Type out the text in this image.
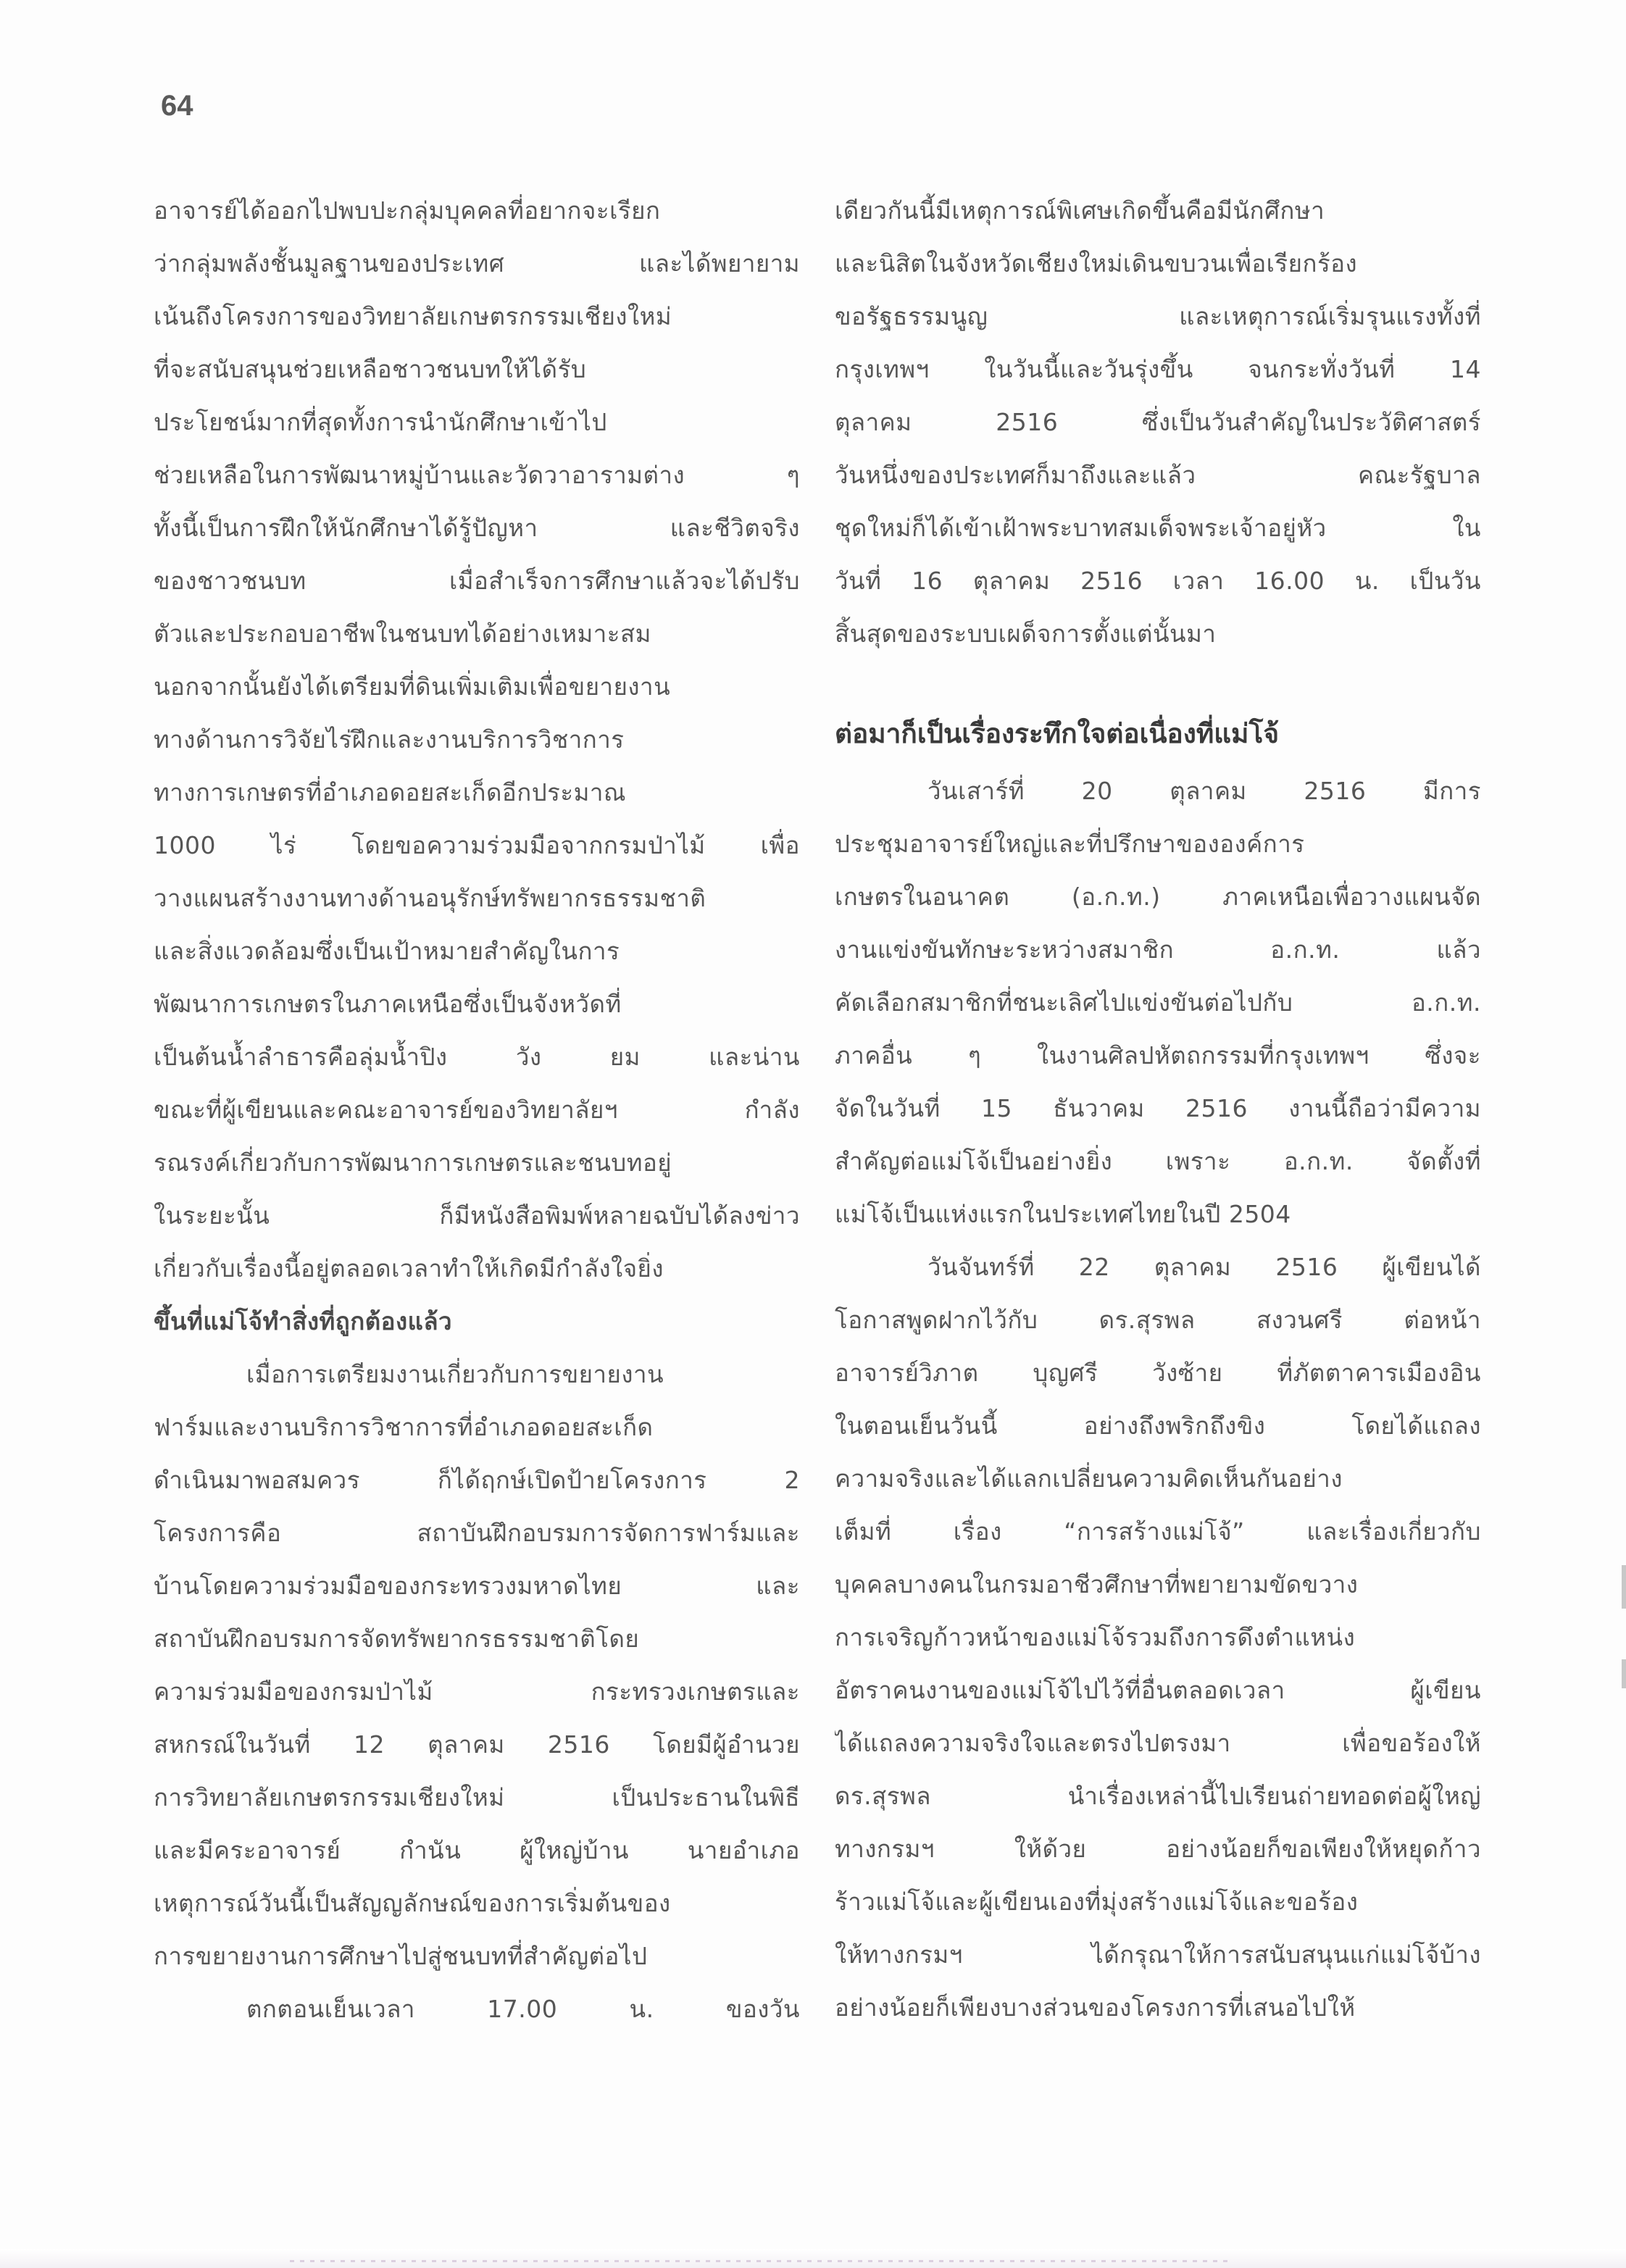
64
อาจารย์ได้ออกไปพบปะกลุ่มบุคคลที่อยากจะเรียก
ว่ากลุ่มพลังชั้นมูลฐานของประเทศ และได้พยายาม
เน้นถึงโครงการของวิทยาลัยเกษตรกรรมเชียงใหม่
ที่จะสนับสนุนช่วยเหลือชาวชนบทให้ได้รับ
ประโยชน์มากที่สุดทั้งการนำนักศึกษาเข้าไป
ช่วยเหลือในการพัฒนาหมู่บ้านและวัดวาอารามต่าง ๆ
ทั้งนี้เป็นการฝึกให้นักศึกษาได้รู้ปัญหา และชีวิตจริง
ของชาวชนบท เมื่อสำเร็จการศึกษาแล้วจะได้ปรับ
ตัวและประกอบอาชีพในชนบทได้อย่างเหมาะสม
นอกจากนั้นยังได้เตรียมที่ดินเพิ่มเติมเพื่อขยายงาน
ทางด้านการวิจัยไร่ฝึกและงานบริการวิชาการ
ทางการเกษตรที่อำเภอดอยสะเก็ดอีกประมาณ
1000 ไร่ โดยขอความร่วมมือจากกรมป่าไม้ เพื่อ
วางแผนสร้างงานทางด้านอนุรักษ์ทรัพยากรธรรมชาติ
และสิ่งแวดล้อมซึ่งเป็นเป้าหมายสำคัญในการ
พัฒนาการเกษตรในภาคเหนือซึ่งเป็นจังหวัดที่
เป็นต้นน้ำลำธารคือลุ่มน้ำปิง วัง ยม และน่าน
ขณะที่ผู้เขียนและคณะอาจารย์ของวิทยาลัยฯ กำลัง
รณรงค์เกี่ยวกับการพัฒนาการเกษตรและชนบทอยู่
ในระยะนั้น ก็มีหนังสือพิมพ์หลายฉบับได้ลงข่าว
เกี่ยวกับเรื่องนี้อยู่ตลอดเวลาทำให้เกิดมีกำลังใจยิ่ง
ขึ้นที่แม่โจ้ทำสิ่งที่ถูกต้องแล้ว
เมื่อการเตรียมงานเกี่ยวกับการขยายงาน
ฟาร์มและงานบริการวิชาการที่อำเภอดอยสะเก็ด
ดำเนินมาพอสมควร ก็ได้ฤกษ์เปิดป้ายโครงการ 2
โครงการคือ สถาบันฝึกอบรมการจัดการฟาร์มและ
บ้านโดยความร่วมมือของกระทรวงมหาดไทย และ
สถาบันฝึกอบรมการจัดทรัพยากรธรรมชาติโดย
ความร่วมมือของกรมป่าไม้ กระทรวงเกษตรและ
สหกรณ์ในวันที่ 12 ตุลาคม 2516 โดยมีผู้อำนวย
การวิทยาลัยเกษตรกรรมเชียงใหม่ เป็นประธานในพิธี
และมีคระอาจารย์ กำนัน ผู้ใหญ่บ้าน นายอำเภอ
เหตุการณ์วันนี้เป็นสัญญลักษณ์ของการเริ่มต้นของ
การขยายงานการศึกษาไปสู่ชนบทที่สำคัญต่อไป
ตกตอนเย็นเวลา 17.00 น. ของวัน
เดียวกันนี้มีเหตุการณ์พิเศษเกิดขึ้นคือมีนักศึกษา
และนิสิตในจังหวัดเชียงใหม่เดินขบวนเพื่อเรียกร้อง
ขอรัฐธรรมนูญ และเหตุการณ์เริ่มรุนแรงทั้งที่
กรุงเทพฯ ในวันนี้และวันรุ่งขึ้น จนกระทั่งวันที่ 14
ตุลาคม 2516 ซึ่งเป็นวันสำคัญในประวัติศาสตร์
วันหนึ่งของประเทศก็มาถึงและแล้ว คณะรัฐบาล
ชุดใหม่ก็ได้เข้าเฝ้าพระบาทสมเด็จพระเจ้าอยู่หัว ใน
วันที่ 16 ตุลาคม 2516 เวลา 16.00 น. เป็นวัน
สิ้นสุดของระบบเผด็จการตั้งแต่นั้นมา
ต่อมาก็เป็นเรื่องระทึกใจต่อเนื่องที่แม่โจ้
วันเสาร์ที่ 20 ตุลาคม 2516 มีการ
ประชุมอาจารย์ใหญ่และที่ปรึกษาขององค์การ
เกษตรในอนาคต (อ.ก.ท.) ภาคเหนือเพื่อวางแผนจัด
งานแข่งขันทักษะระหว่างสมาชิก อ.ก.ท. แล้ว
คัดเลือกสมาชิกที่ชนะเลิศไปแข่งขันต่อไปกับ อ.ก.ท.
ภาคอื่น ๆ ในงานศิลปหัตถกรรมที่กรุงเทพฯ ซึ่งจะ
จัดในวันที่ 15 ธันวาคม 2516 งานนี้ถือว่ามีความ
สำคัญต่อแม่โจ้เป็นอย่างยิ่ง เพราะ อ.ก.ท. จัดตั้งที่
แม่โจ้เป็นแห่งแรกในประเทศไทยในปี 2504
วันจันทร์ที่ 22 ตุลาคม 2516 ผู้เขียนได้
โอกาสพูดฝากไว้กับ ดร.สุรพล สงวนศรี ต่อหน้า
อาจารย์วิภาต บุญศรี วังซ้าย ที่ภัตตาคารเมืองอิน
ในตอนเย็นวันนี้ อย่างถึงพริกถึงขิง โดยได้แถลง
ความจริงและได้แลกเปลี่ยนความคิดเห็นกันอย่าง
เต็มที่ เรื่อง “การสร้างแม่โจ้” และเรื่องเกี่ยวกับ
บุคคลบางคนในกรมอาชีวศึกษาที่พยายามขัดขวาง
การเจริญก้าวหน้าของแม่โจ้รวมถึงการดึงตำแหน่ง
อัตราคนงานของแม่โจ้ไปไว้ที่อื่นตลอดเวลา ผู้เขียน
ได้แถลงความจริงใจและตรงไปตรงมา เพื่อขอร้องให้
ดร.สุรพล นำเรื่องเหล่านี้ไปเรียนถ่ายทอดต่อผู้ใหญ่
ทางกรมฯ ให้ด้วย อย่างน้อยก็ขอเพียงให้หยุดก้าว
ร้าวแม่โจ้และผู้เขียนเองที่มุ่งสร้างแม่โจ้และขอร้อง
ให้ทางกรมฯ ได้กรุณาให้การสนับสนุนแก่แม่โจ้บ้าง
อย่างน้อยก็เพียงบางส่วนของโครงการที่เสนอไปให้
